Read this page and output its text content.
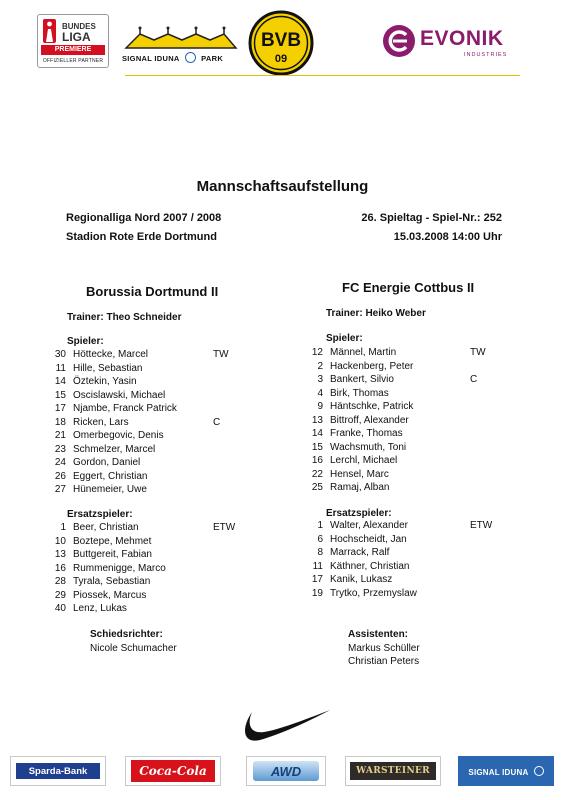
BUNDES
LIGA
PREMIERE
OFFIZIELLER PARTNER	SIGNAL IDUNA	PARK
BVB
09
EVONIK
INDUSTRIES
Mannschaftsaufstellung
Regionalliga Nord 2007 / 2008
Stadion Rote Erde Dortmund
26. Spieltag - Spiel-Nr.: 252
15.03.2008 14:00 Uhr
Borussia Dortmund II
Trainer: Theo Schneider
Spieler:
30 Höttecke, Marcel	TW
11 Hille, Sebastian
14 Öztekin, Yasin
15 Oscislawski, Michael
17 Njambe, Franck Patrick
18 Ricken, Lars	C
21 Omerbegovic, Denis
23 Schmelzer, Marcel
24 Gordon, Daniel
26 Eggert, Christian
27 Hünemeier, Uwe
Ersatzspieler:
1 Beer, Christian	ETW
10 Boztepe, Mehmet
13 Buttgereit, Fabian
16 Rummenigge, Marco
28 Tyrala, Sebastian
29 Piossek, Marcus
40 Lenz, Lukas
FC Energie Cottbus II
Trainer: Heiko Weber
Spieler:
12 Männel, Martin	TW
2 Hackenberg, Peter
3 Bankert, Silvio	C
4 Birk, Thomas
9 Häntschke, Patrick
13 Bittroff, Alexander
14 Franke, Thomas
15 Wachsmuth, Toni
16 Lerchl, Michael
22 Hensel, Marc
25 Ramaj, Alban
Ersatzspieler:
1 Walter, Alexander	ETW
6 Hochscheidt, Jan
8 Marrack, Ralf
11 Käthner, Christian
17 Kanik, Lukasz
19 Trytko, Przemyslaw
Schiedsrichter:
Nicole Schumacher
Assistenten:
Markus Schüller
Christian Peters
Sparda-Bank	Coca-Cola	AWD	WARSTEINER	SIGNAL IDUNA
